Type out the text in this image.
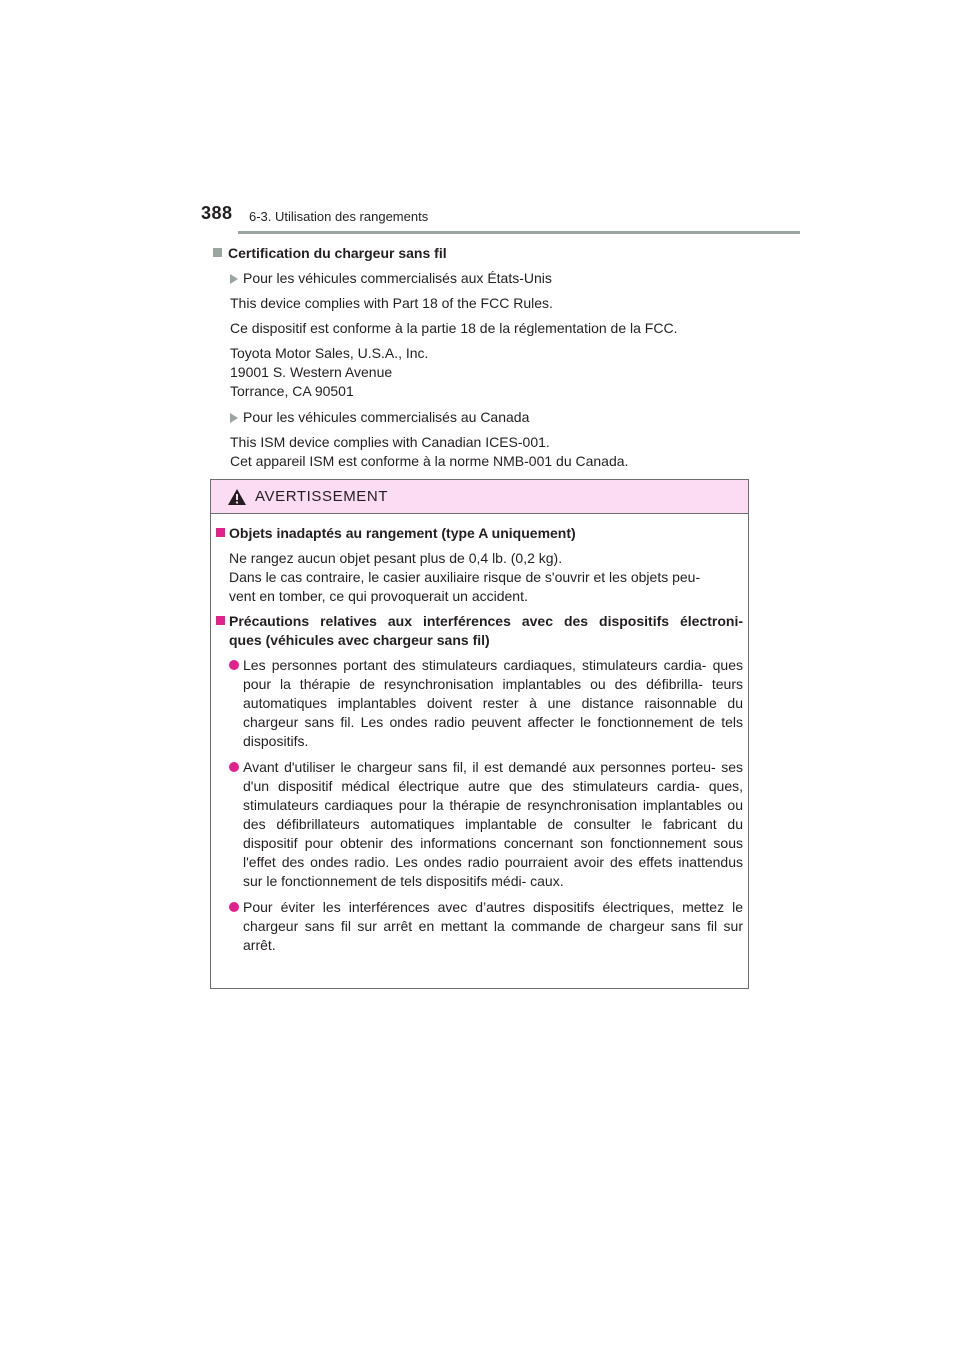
388 6-3. Utilisation des rangements
Certification du chargeur sans fil
Pour les véhicules commercialisés aux États-Unis
This device complies with Part 18 of the FCC Rules.
Ce dispositif est conforme à la partie 18 de la réglementation de la FCC.
Toyota Motor Sales, U.S.A., Inc.
19001 S. Western Avenue
Torrance, CA 90501
Pour les véhicules commercialisés au Canada
This ISM device complies with Canadian ICES-001.
Cet appareil ISM est conforme à la norme NMB-001 du Canada.
AVERTISSEMENT
Objets inadaptés au rangement (type A uniquement)
Ne rangez aucun objet pesant plus de 0,4 lb. (0,2 kg).
Dans le cas contraire, le casier auxiliaire risque de s'ouvrir et les objets peu-
vent en tomber, ce qui provoquerait un accident.
Précautions relatives aux interférences avec des dispositifs électroni-
ques (véhicules avec chargeur sans fil)
Les personnes portant des stimulateurs cardiaques, stimulateurs cardia- ques pour la thérapie de resynchronisation implantables ou des défibrilla- teurs automatiques implantables doivent rester à une distance raisonnable du chargeur sans fil. Les ondes radio peuvent affecter le fonctionnement de tels dispositifs.
Avant d'utiliser le chargeur sans fil, il est demandé aux personnes porteu- ses d'un dispositif médical électrique autre que des stimulateurs cardia- ques, stimulateurs cardiaques pour la thérapie de resynchronisation implantables ou des défibrillateurs automatiques implantable de consulter le fabricant du dispositif pour obtenir des informations concernant son fonctionnement sous l'effet des ondes radio. Les ondes radio pourraient avoir des effets inattendus sur le fonctionnement de tels dispositifs médi- caux.
Pour éviter les interférences avec d’autres dispositifs électriques, mettez le chargeur sans fil sur arrêt en mettant la commande de chargeur sans fil sur arrêt.
